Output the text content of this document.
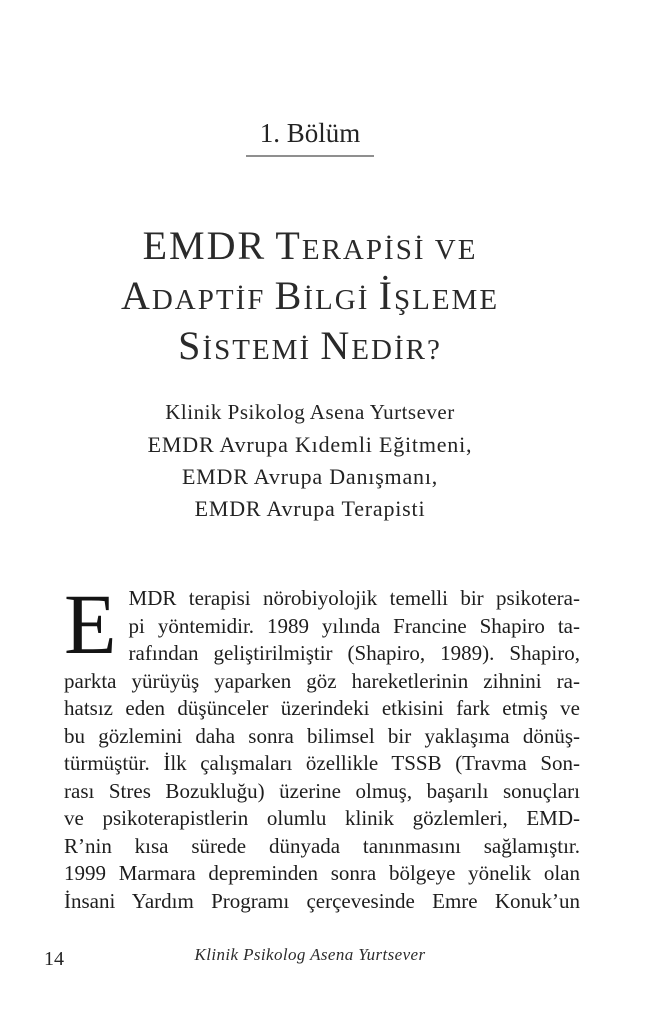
1. Bölüm
EMDR TERAPİSİ VE
ADAPTİF BİLGİ İŞLEME
SİSTEMİ NEDİR?
Klinik Psikolog Asena Yurtsever
EMDR Avrupa Kıdemli Eğitmeni,
EMDR Avrupa Danışmanı,
EMDR Avrupa Terapisti
E MDR terapisi nörobiyolojik temelli bir psikotera-
pi yöntemidir. 1989 yılında Francine Shapiro ta-
rafından geliştirilmiştir (Shapiro, 1989). Shapiro,
parkta yürüyüş yaparken göz hareketlerinin zihnini ra-
hatsız eden düşünceler üzerindeki etkisini fark etmiş ve
bu gözlemini daha sonra bilimsel bir yaklaşıma dönüş-
türmüştür. İlk çalışmaları özellikle TSSB (Travma Son-
rası Stres Bozukluğu) üzerine olmuş, başarılı sonuçları
ve psikoterapistlerin olumlu klinik gözlemleri, EMD-
R’nin kısa sürede dünyada tanınmasını sağlamıştır.
1999 Marmara depreminden sonra bölgeye yönelik olan
İnsani Yardım Programı çerçevesinde Emre Konuk’un
14	Klinik Psikolog Asena Yurtsever
